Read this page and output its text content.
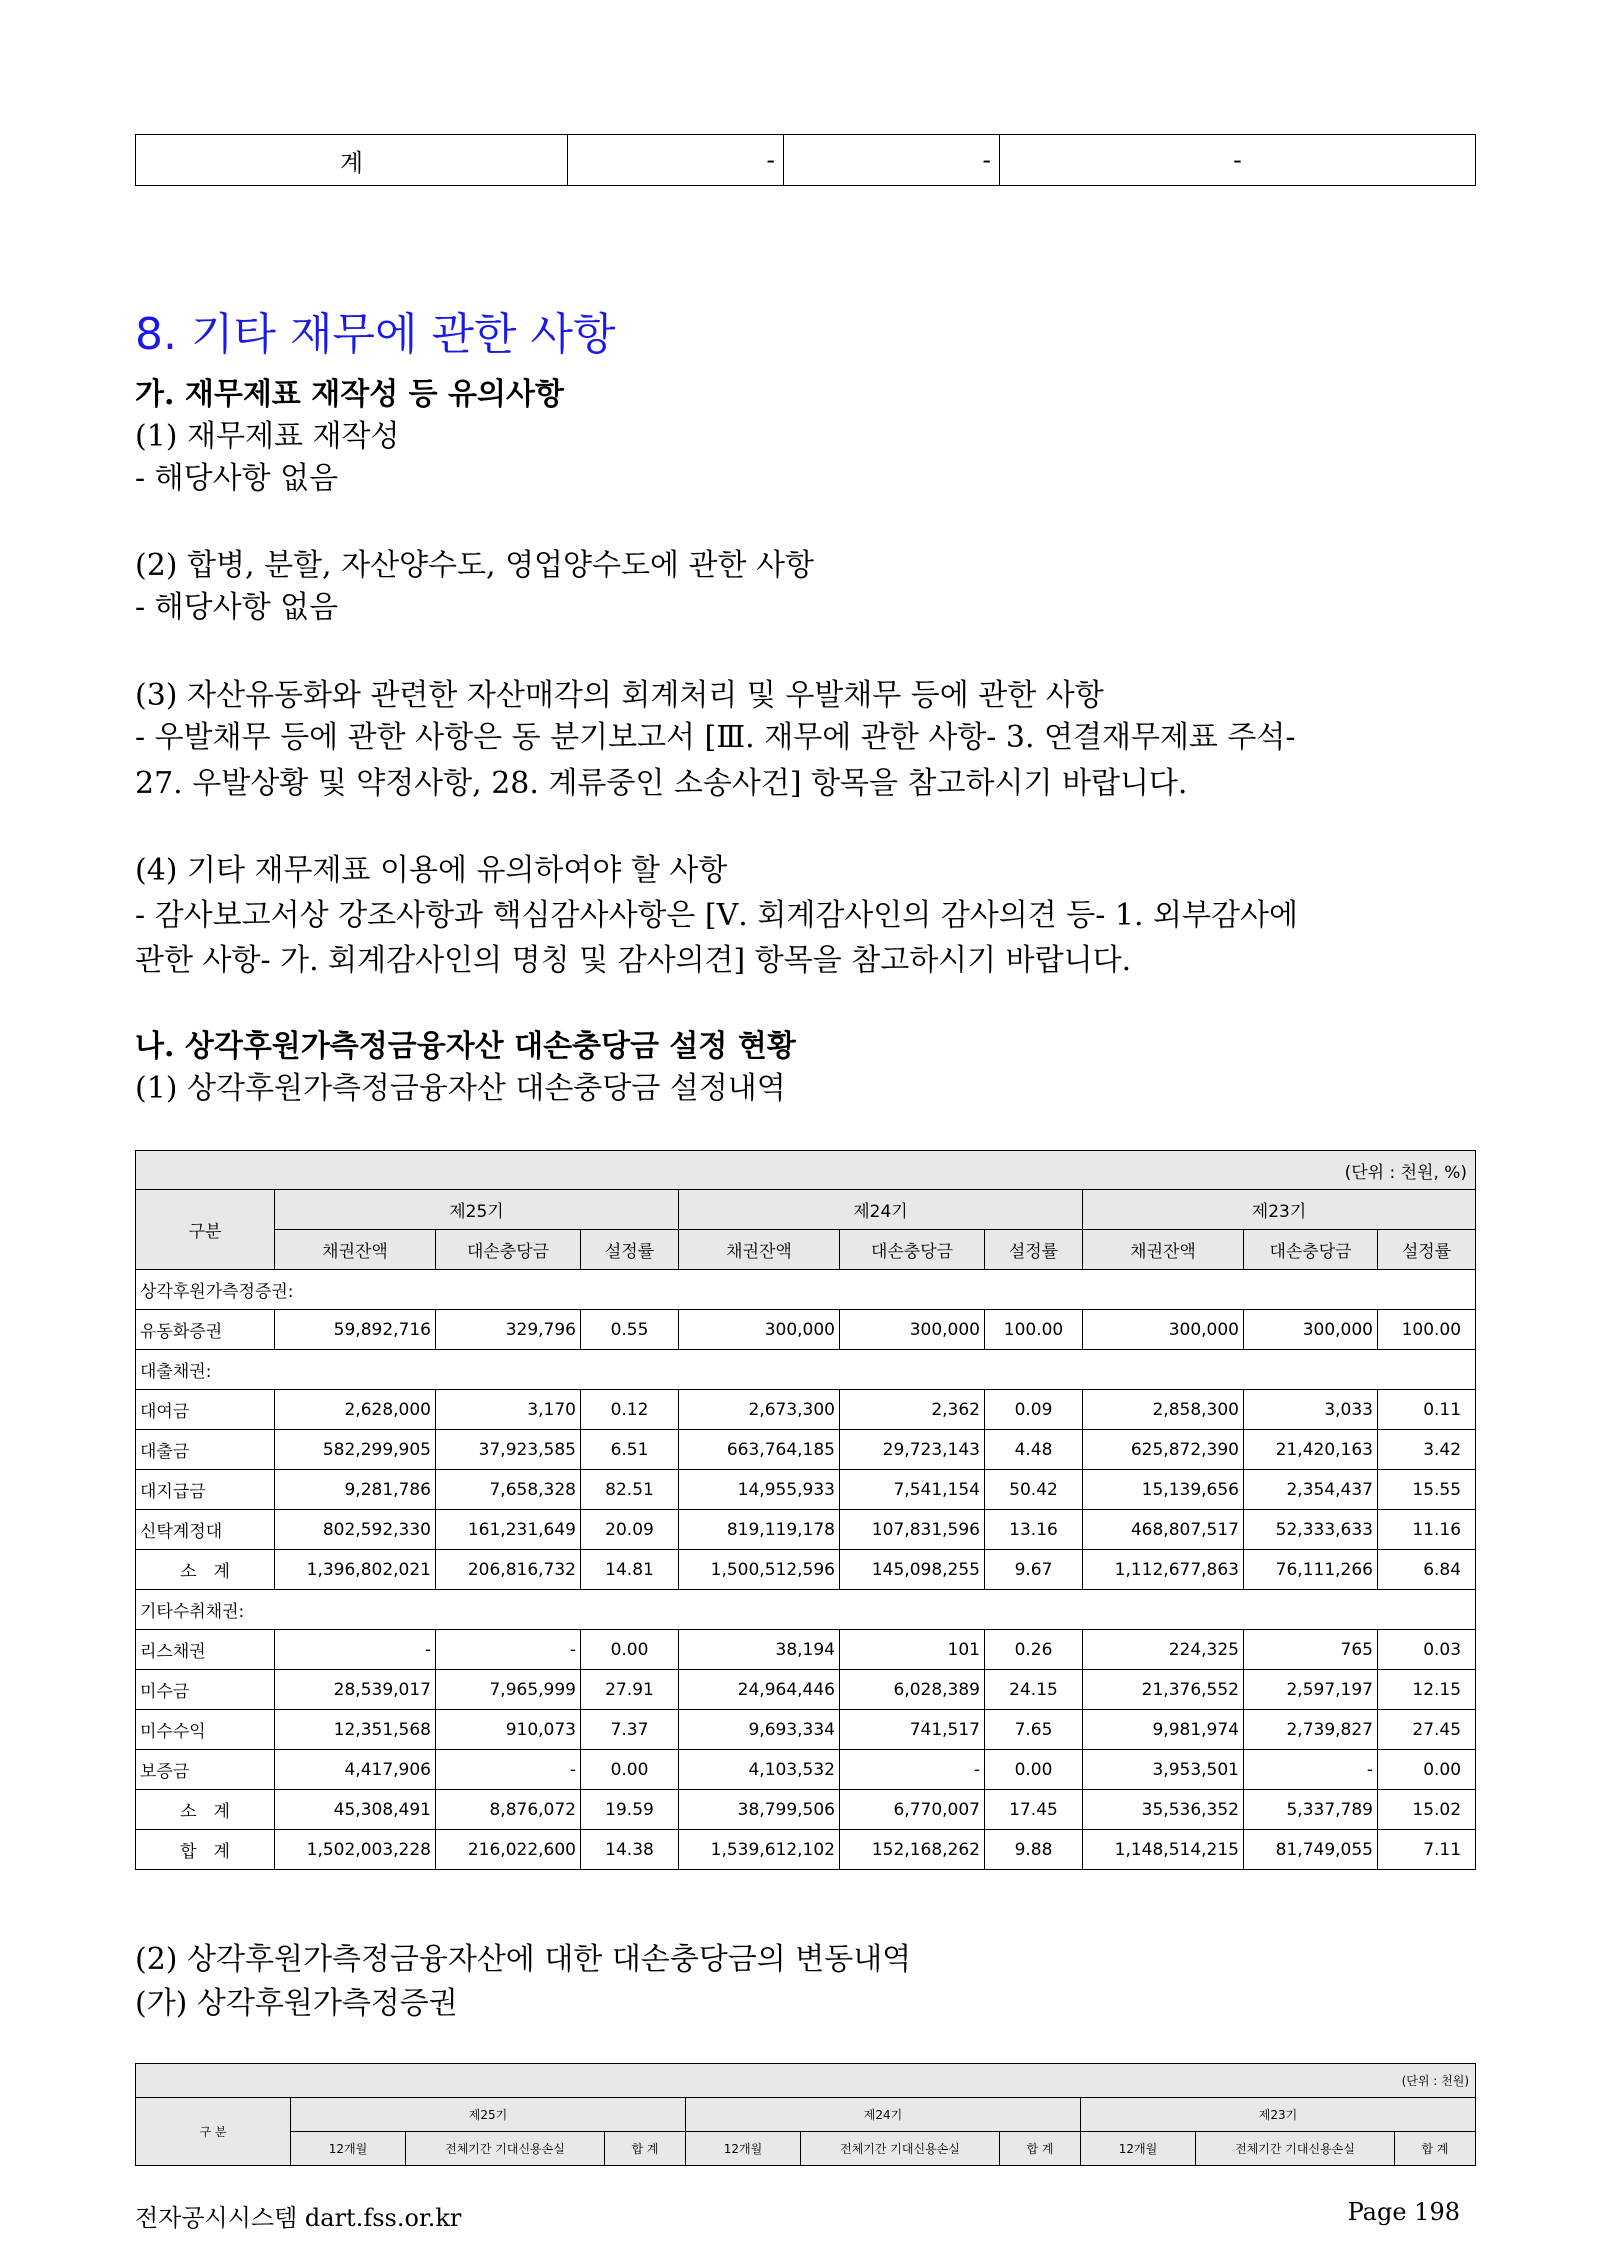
계	-	-	-
8. 기타 재무에 관한 사항
가. 재무제표 재작성 등 유의사항
(1) 재무제표 재작성
- 해당사항 없음
(2) 합병, 분할, 자산양수도, 영업양수도에 관한 사항
- 해당사항 없음
(3) 자산유동화와 관련한 자산매각의 회계처리 및 우발채무 등에 관한 사항
- 우발채무 등에 관한 사항은 동 분기보고서 [Ⅲ. 재무에 관한 사항- 3. 연결재무제표 주석-
27. 우발상황 및 약정사항, 28. 계류중인 소송사건] 항목을 참고하시기 바랍니다.
(4) 기타 재무제표 이용에 유의하여야 할 사항
- 감사보고서상 강조사항과 핵심감사사항은 [Ⅴ. 회계감사인의 감사의견 등- 1. 외부감사에
관한 사항- 가. 회계감사인의 명칭 및 감사의견] 항목을 참고하시기 바랍니다.
나. 상각후원가측정금융자산 대손충당금 설정 현황
(1) 상각후원가측정금융자산 대손충당금 설정내역
(단위 : 천원, %)									
구분	제25기			제24기			제23기		
	채권잔액	대손충당금	설정률	채권잔액	대손충당금	설정률	채권잔액	대손충당금	설정률
상각후원가측정증권:									
유동화증권	59,892,716	329,796	0.55	300,000	300,000	100.00	300,000	300,000	100.00
대출채권:									
대여금	2,628,000	3,170	0.12	2,673,300	2,362	0.09	2,858,300	3,033	0.11
대출금	582,299,905	37,923,585	6.51	663,764,185	29,723,143	4.48	625,872,390	21,420,163	3.42
대지급금	9,281,786	7,658,328	82.51	14,955,933	7,541,154	50.42	15,139,656	2,354,437	15.55
신탁계정대	802,592,330	161,231,649	20.09	819,119,178	107,831,596	13.16	468,807,517	52,333,633	11.16
소　계	1,396,802,021	206,816,732	14.81	1,500,512,596	145,098,255	9.67	1,112,677,863	76,111,266	6.84
기타수취채권:									
리스채권	-	-	0.00	38,194	101	0.26	224,325	765	0.03
미수금	28,539,017	7,965,999	27.91	24,964,446	6,028,389	24.15	21,376,552	2,597,197	12.15
미수수익	12,351,568	910,073	7.37	9,693,334	741,517	7.65	9,981,974	2,739,827	27.45
보증금	4,417,906	-	0.00	4,103,532	-	0.00	3,953,501	-	0.00
소　계	45,308,491	8,876,072	19.59	38,799,506	6,770,007	17.45	35,536,352	5,337,789	15.02
합　계	1,502,003,228	216,022,600	14.38	1,539,612,102	152,168,262	9.88	1,148,514,215	81,749,055	7.11
(2) 상각후원가측정금융자산에 대한 대손충당금의 변동내역
(가) 상각후원가측정증권
(단위 : 천원)									
구 분	제25기			제24기			제23기		
	12개월	전체기간 기대신용손실	합 계	12개월	전체기간 기대신용손실	합 계	12개월	전체기간 기대신용손실	합 계
전자공시시스템 dart.fss.or.kr	Page 198
